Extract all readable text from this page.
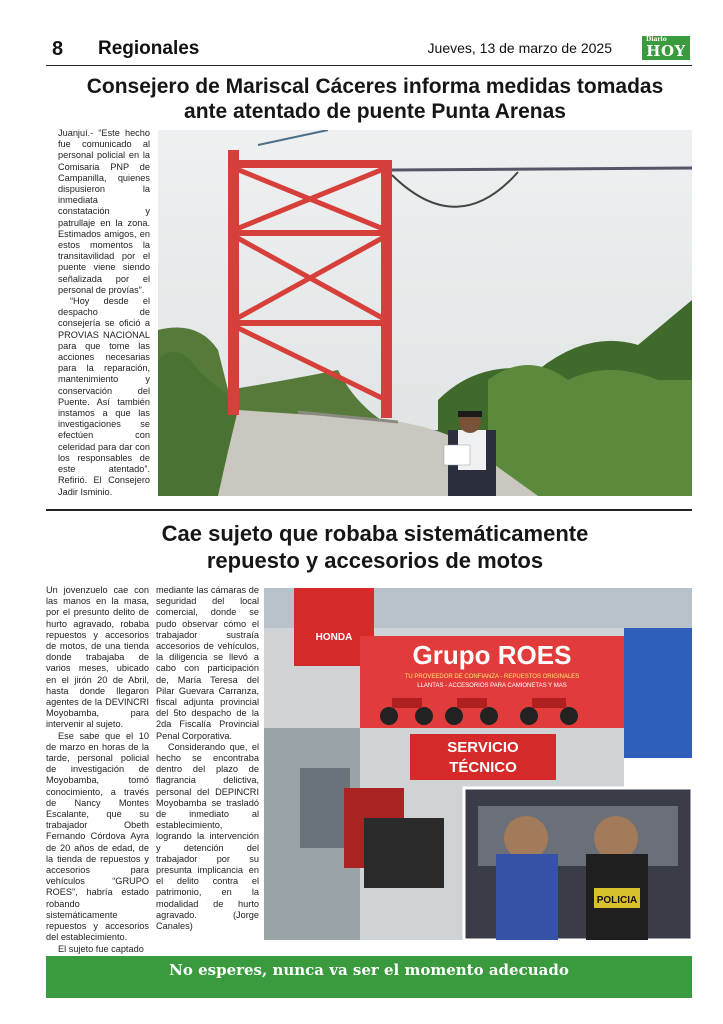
8 Regionales	Jueves, 13 de marzo de 2025
Diario
HOY
Consejero de Mariscal Cáceres informa medidas tomadas
ante atentado de puente Punta Arenas

Juanjuí.- “Este hecho fue comunicado al personal policial en la Comisaria PNP de Campanilla, quienes dispusieron la inmediata constatación y patrullaje en la zona. Estimados amigos, en estos momentos la transitavilidad por el puente viene siendo señalizada por el personal de provías”.

“Hoy desde el despacho de consejería se ofició a PROVIAS NACIONAL para que tome las acciones necesarias para la reparación, mantenimiento y conservación del Puente. Así también instamos a que las investigaciones se efectúen con celeridad para dar con los responsables de este atentado”. Refirió. El Consejero Jadir Isminio.

Cae sujeto que robaba sistemáticamente
repuesto y accesorios de motos

Un jovenzuelo cae con las manos en la masa, por el presunto delito de hurto agravado, robaba repuestos y accesorios de motos, de una tienda donde trabajaba de varios meses, ubicado en el jirón 20 de Abril, hasta donde llegaron agentes de la DEVINCRI Moyobamba, para intervenir al sujeto.

Ese sabe que el 10 de marzo en horas de la tarde, personal policial de investigación de Moyobamba, tomó conocimiento, a través de Nancy Montes Escalante, que su trabajador Obeth Fernando Córdova Ayra de 20 años de edad, de la tienda de repuestos y accesorios para vehículos “GRUPO ROES”, habría estado robando sistemáticamente repuestos y accesorios del establecimiento.

El sujeto fue captado

mediante las cámaras de seguridad del local comercial, donde se pudo observar cómo el trabajador sustraía accesorios de vehículos, la diligencia se llevó a cabo con participación de, María Teresa del Pilar Guevara Carranza, fiscal adjunta provincial del 5to despacho de la 2da Fiscalía Provincial Penal Corporativa.

Considerando que, el hecho se encontraba dentro del plazo de flagrancia delictiva, personal del DEPINCRI Moyobamba se trasladó de inmediato al establecimiento, logrando la intervención y detención del trabajador por su presunta implicancia en el delito contra el patrimonio, en la modalidad de hurto agravado. (Jorge Canales)

HONDA
Grupo ROES
TU PROVEEDOR DE CONFIANZA - REPUESTOS ORIGINALES
LLANTAS - ACCESORIOS PARA CAMIONETAS Y MAS
SERVICIO
TÉCNICO
POLICIA
No esperes, nunca va ser el momento adecuado
